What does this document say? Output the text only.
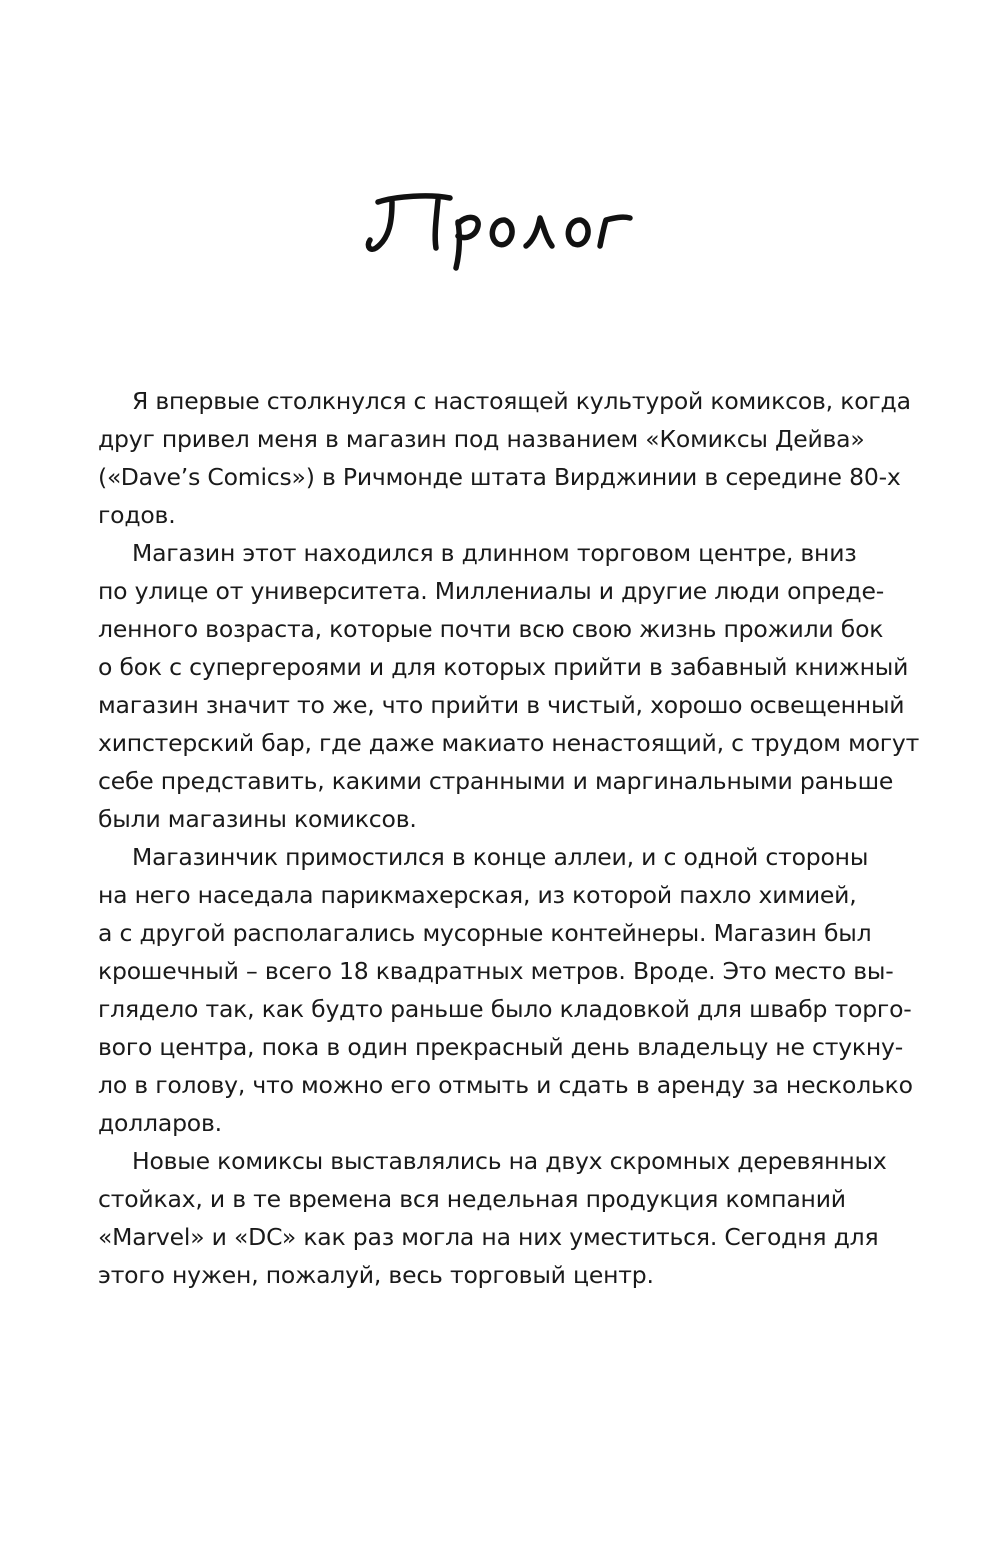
Я впервые столкнулся с настоящей культурой комиксов, когда
друг привел меня в магазин под названием «Комиксы Дейва»
(«Dave’s Comics») в Ричмонде штата Вирджинии в середине 80-х
годов.

Магазин этот находился в длинном торговом центре, вниз
по улице от университета. Миллениалы и другие люди опреде-
ленного возраста, которые почти всю свою жизнь прожили бок
о бок с супергероями и для которых прийти в забавный книжный
магазин значит то же, что прийти в чистый, хорошо освещенный
хипстерский бар, где даже макиато ненастоящий, с трудом могут
себе представить, какими странными и маргинальными раньше
были магазины комиксов.

Магазинчик примостился в конце аллеи, и с одной стороны
на него наседала парикмахерская, из которой пахло химией,
а с другой располагались мусорные контейнеры. Магазин был
крошечный – всего 18 квадратных метров. Вроде. Это место вы-
глядело так, как будто раньше было кладовкой для швабр торго-
вого центра, пока в один прекрасный день владельцу не стукну-
ло в голову, что можно его отмыть и сдать в аренду за несколько
долларов.

Новые комиксы выставлялись на двух скромных деревянных
стойках, и в те времена вся недельная продукция компаний
«Marvel» и «DC» как раз могла на них уместиться. Сегодня для
этого нужен, пожалуй, весь торговый центр.
